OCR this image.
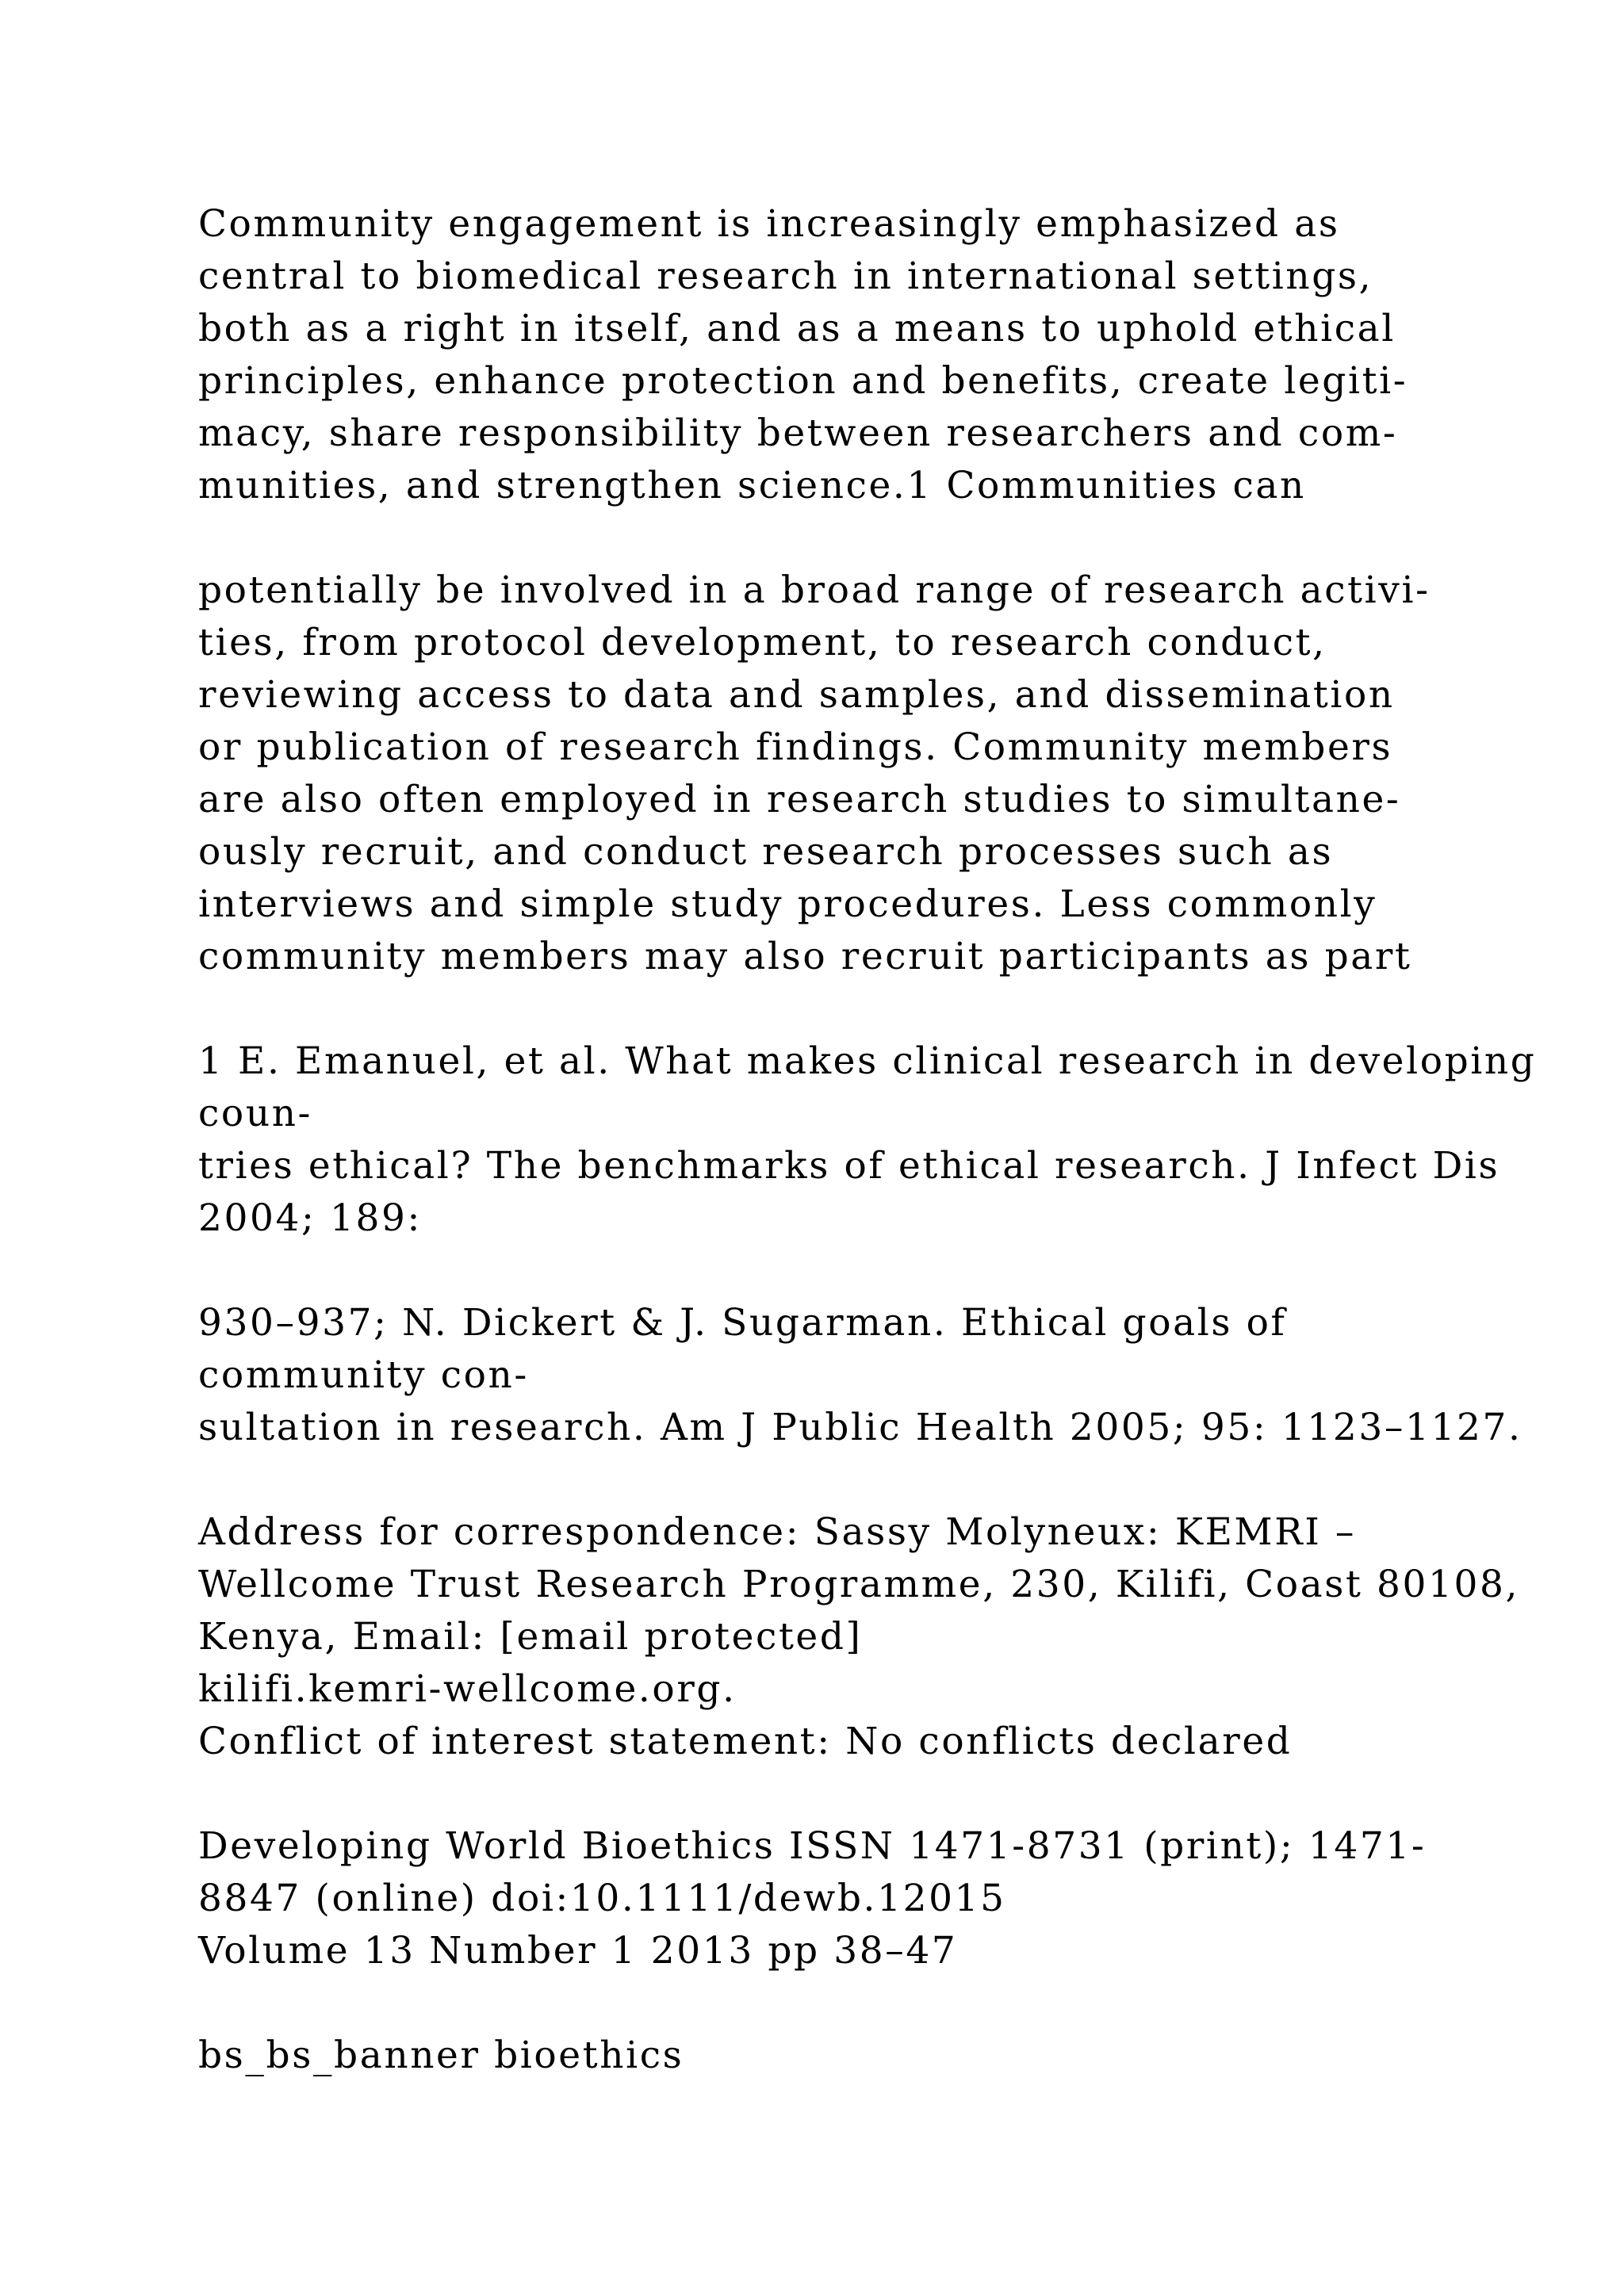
Community engagement is increasingly emphasized as

central to biomedical research in international settings,

both as a right in itself, and as a means to uphold ethical

principles, enhance protection and benefits, create legiti-

macy, share responsibility between researchers and com-

munities, and strengthen science.1 Communities can

potentially be involved in a broad range of research activi-

ties, from protocol development, to research conduct,

reviewing access to data and samples, and dissemination

or publication of research findings. Community members

are also often employed in research studies to simultane-

ously recruit, and conduct research processes such as

interviews and simple study procedures. Less commonly

community members may also recruit participants as part

1 E. Emanuel, et al. What makes clinical research in developing

coun-

tries ethical? The benchmarks of ethical research. J Infect Dis

2004; 189:

930–937; N. Dickert & J. Sugarman. Ethical goals of

community con-

sultation in research. Am J Public Health 2005; 95: 1123–1127.

Address for correspondence: Sassy Molyneux: KEMRI –

Wellcome Trust Research Programme, 230, Kilifi, Coast 80108,

Kenya, Email: [email protected]

kilifi.kemri-wellcome.org.

Conflict of interest statement: No conflicts declared

Developing World Bioethics ISSN 1471-8731 (print); 1471-

8847 (online) doi:10.1111/dewb.12015

Volume 13 Number 1 2013 pp 38–47

bs_bs_banner bioethics
